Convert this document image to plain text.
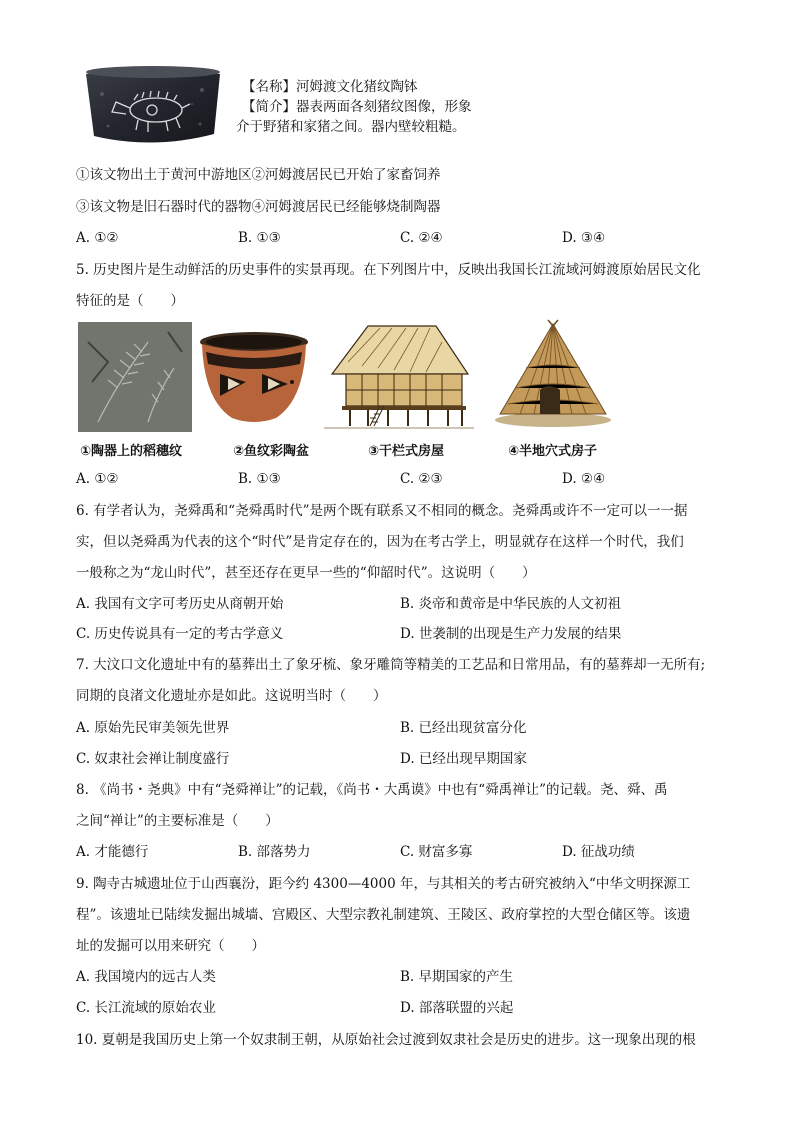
【名称】河姆渡文化猪纹陶钵
【简介】器表两面各刻猪纹图像，形象
介于野猪和家猪之间。器内壁较粗糙。
①该文物出土于黄河中游地区②河姆渡居民已开始了家畜饲养
③该文物是旧石器时代的器物④河姆渡居民已经能够烧制陶器
A. ①②	B. ①③	C. ②④	D. ③④
5. 历史图片是生动鲜活的历史事件的实景再现。在下列图片中，反映出我国长江流域河姆渡原始居民文化
特征的是（　　）
①陶器上的稻穗纹	②鱼纹彩陶盆	③干栏式房屋	④半地穴式房子
A. ①②	B. ①③	C. ②③	D. ②④
6. 有学者认为，尧舜禹和“尧舜禹时代”是两个既有联系又不相同的概念。尧舜禹或许不一定可以一一据
实，但以尧舜禹为代表的这个“时代”是肯定存在的，因为在考古学上，明显就存在这样一个时代，我们
一般称之为“龙山时代”，甚至还存在更早一些的“仰韶时代”。这说明（　　）
A. 我国有文字可考历史从商朝开始	B. 炎帝和黄帝是中华民族的人文初祖
C. 历史传说具有一定的考古学意义	D. 世袭制的出现是生产力发展的结果
7. 大汶口文化遗址中有的墓葬出土了象牙梳、象牙雕筒等精美的工艺品和日常用品，有的墓葬却一无所有;
同期的良渚文化遗址亦是如此。这说明当时（　　）
A. 原始先民审美领先世界	B. 已经出现贫富分化
C. 奴隶社会禅让制度盛行	D. 已经出现早期国家
8. 《尚书・尧典》中有“尧舜禅让”的记载，《尚书・大禹谟》中也有“舜禹禅让”的记载。尧、舜、禹
之间“禅让”的主要标准是（　　）
A. 才能德行	B. 部落势力	C. 财富多寡	D. 征战功绩
9. 陶寺古城遗址位于山西襄汾，距今约 4300—4000 年，与其相关的考古研究被纳入“中华文明探源工
程”。该遗址已陆续发掘出城墙、宫殿区、大型宗教礼制建筑、王陵区、政府掌控的大型仓储区等。该遗
址的发掘可以用来研究（　　）
A. 我国境内的远古人类	B. 早期国家的产生
C. 长江流域的原始农业	D. 部落联盟的兴起
10. 夏朝是我国历史上第一个奴隶制王朝，从原始社会过渡到奴隶社会是历史的进步。这一现象出现的根
